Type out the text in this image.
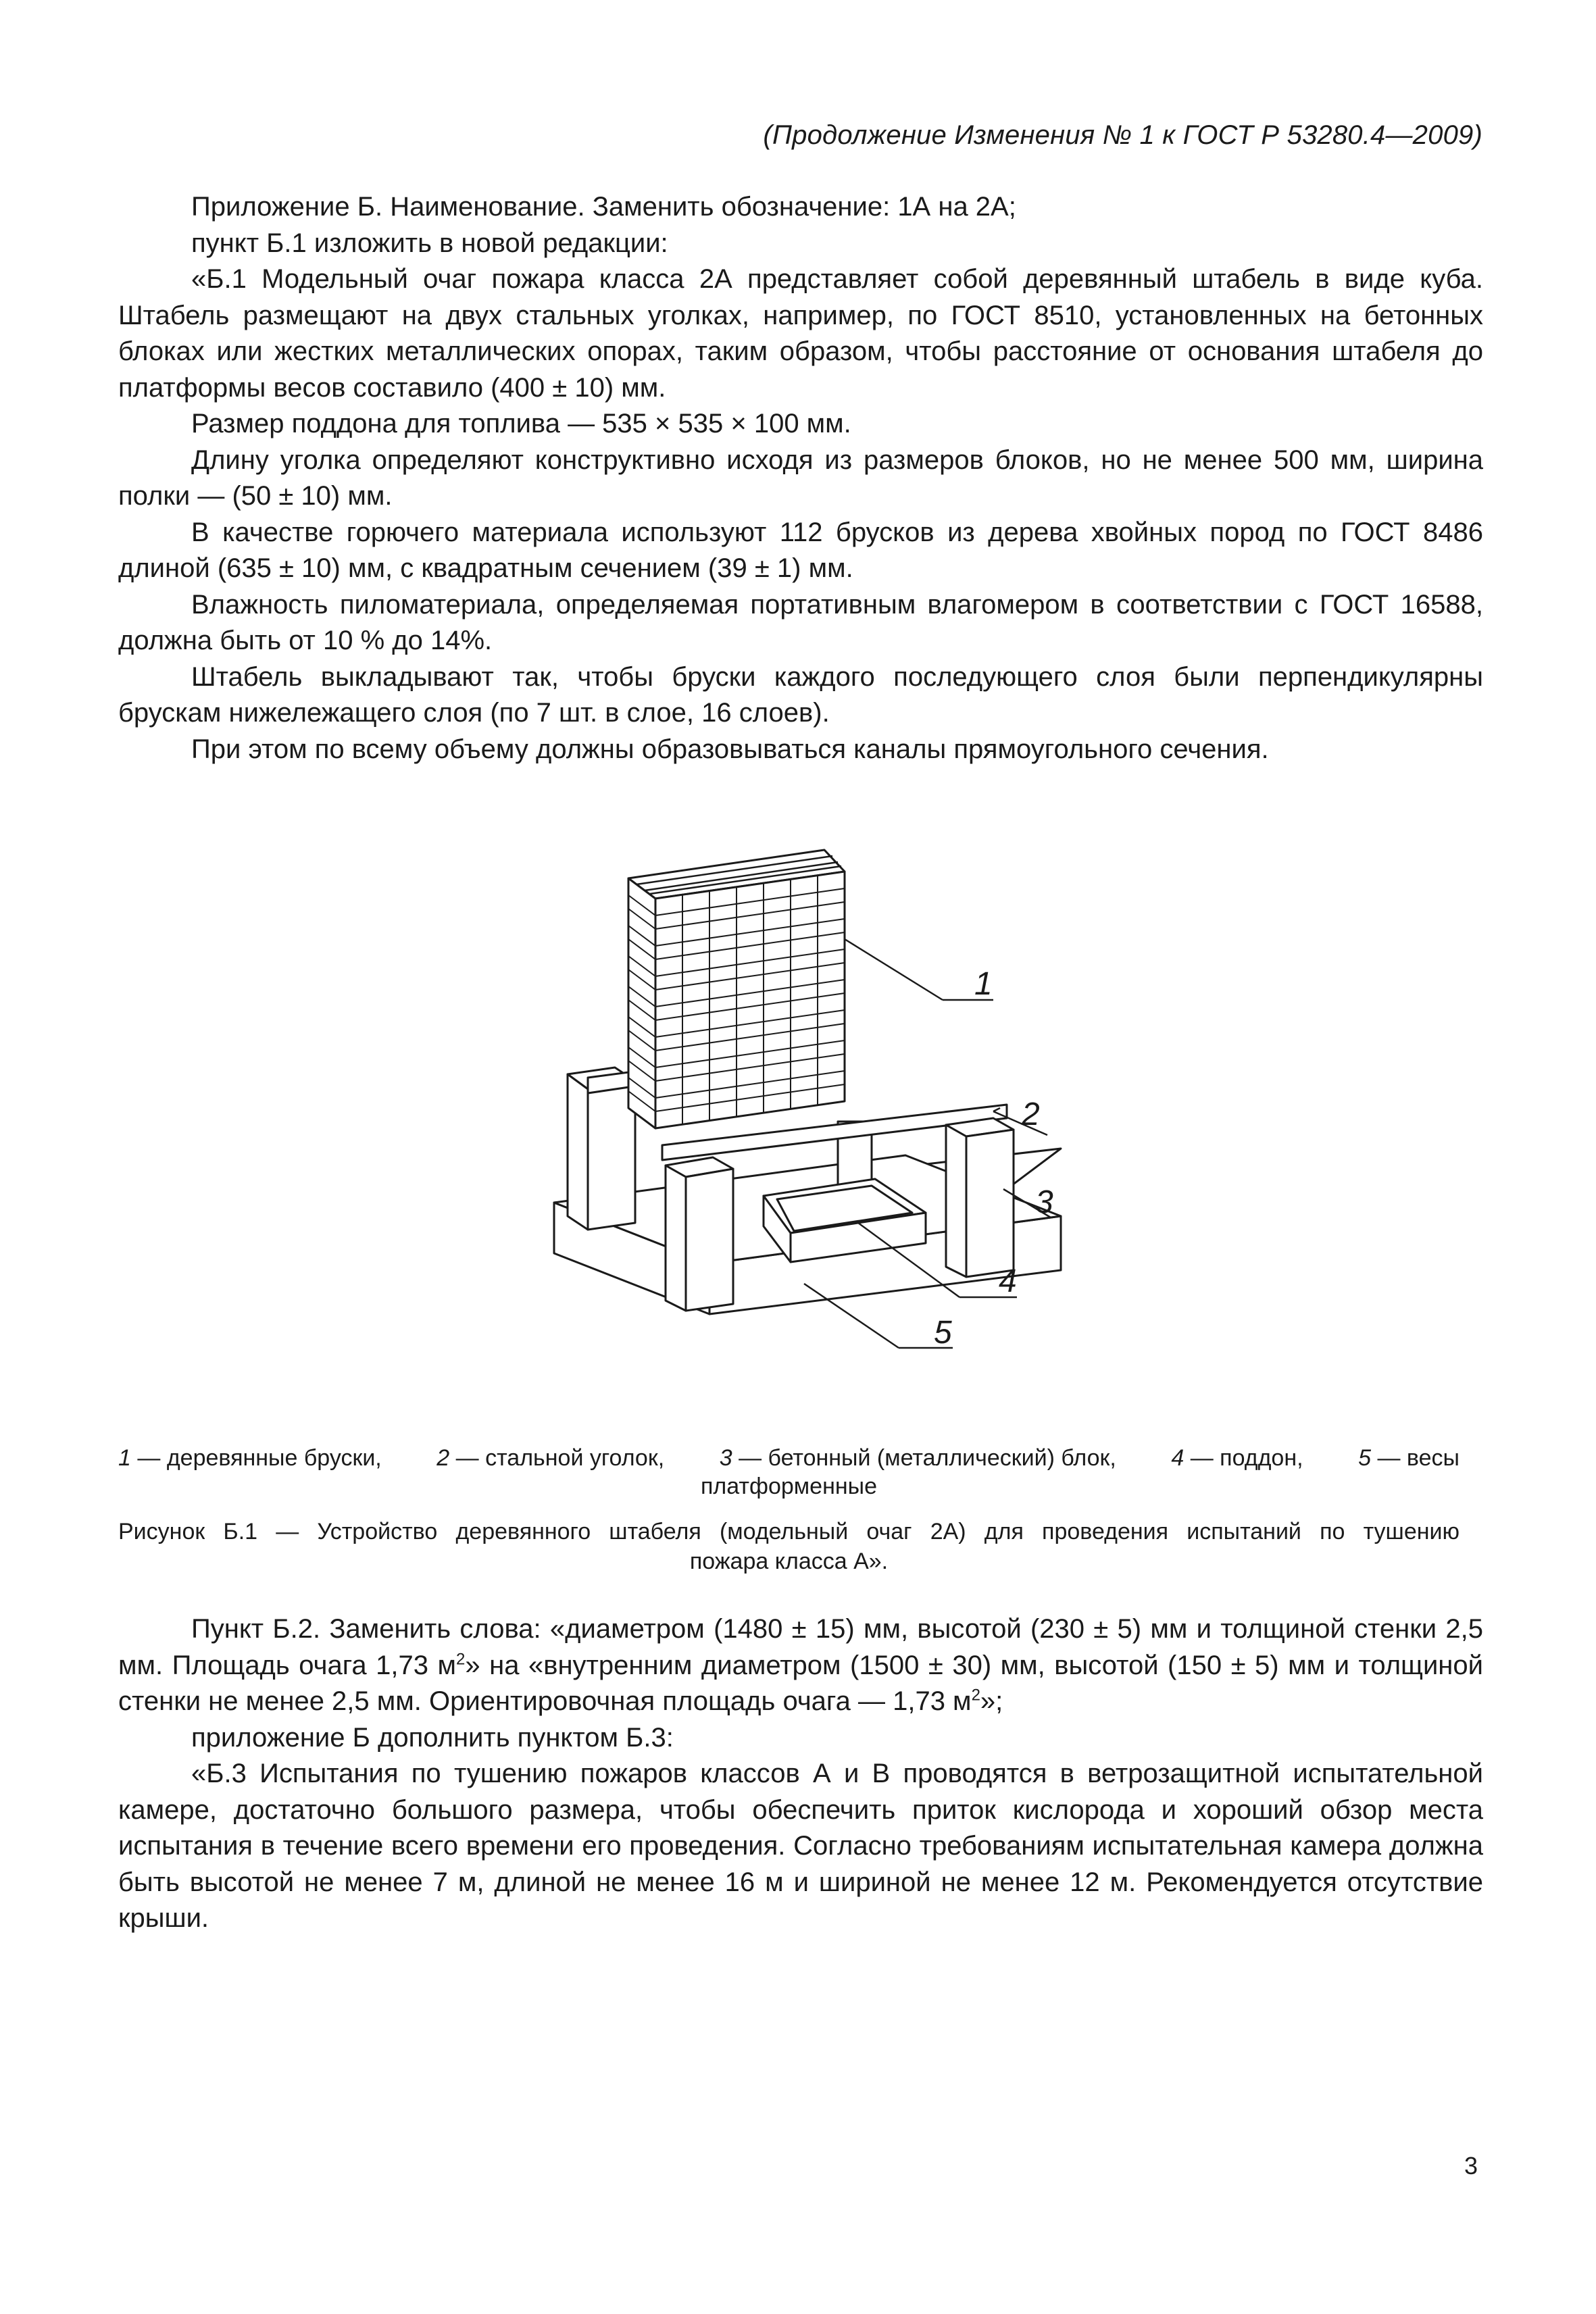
(Продолжение Изменения № 1 к ГОСТ Р 53280.4—2009)

Приложение Б. Наименование. Заменить обозначение: 1А на 2А;

пункт Б.1 изложить в новой редакции:

«Б.1 Модельный очаг пожара класса 2А представляет собой деревянный штабель в виде куба. Штабель размещают на двух стальных уголках, например, по ГОСТ 8510, установленных на бетонных блоках или жестких металлических опорах, таким образом, чтобы расстояние от основания штабеля до платформы весов составило (400 ± 10) мм.

Размер поддона для топлива — 535 × 535 × 100 мм.

Длину уголка определяют конструктивно исходя из размеров блоков, но не менее 500 мм, ширина полки — (50 ± 10) мм.

В качестве горючего материала используют 112 брусков из дерева хвойных пород по ГОСТ 8486 длиной (635 ± 10) мм, с квадратным сечением (39 ± 1) мм.

Влажность пиломатериала, определяемая портативным влагомером в соответствии с ГОСТ 16588, должна быть от 10 % до 14%.

Штабель выкладывают так, чтобы бруски каждого последующего слоя были перпендикулярны брускам нижележащего слоя (по 7 шт. в слое, 16 слоев).

При этом по всему объему должны образовываться каналы прямоугольного сечения.

1
2
3
4
5
1 — деревянные бруски, 2 — стальной уголок, 3 — бетонный (металлический) блок, 4 — поддон, 5 — весы
платформенные
Рисунок Б.1 — Устройство деревянного штабеля (модельный очаг 2А) для проведения испытаний по тушению
пожара класса А».

Пункт Б.2. Заменить слова: «диаметром (1480 ± 15) мм, высотой (230 ± 5) мм и толщиной стенки 2,5 мм. Площадь очага 1,73 $м^2$» на «внутренним диаметром (1500 ± 30) мм, высотой (150 ± 5) мм и толщиной стенки не менее 2,5 мм. Ориентировочная площадь очага — 1,73 $м^2$»;

приложение Б дополнить пунктом Б.3:

«Б.3 Испытания по тушению пожаров классов А и В проводятся в ветрозащитной испытательной камере, достаточно большого размера, чтобы обеспечить приток кислорода и хороший обзор места испытания в течение всего времени его проведения. Согласно требованиям испытательная камера должна быть высотой не менее 7 м, длиной не менее 16 м и шириной не менее 12 м. Рекомендуется отсутствие крыши.

3
